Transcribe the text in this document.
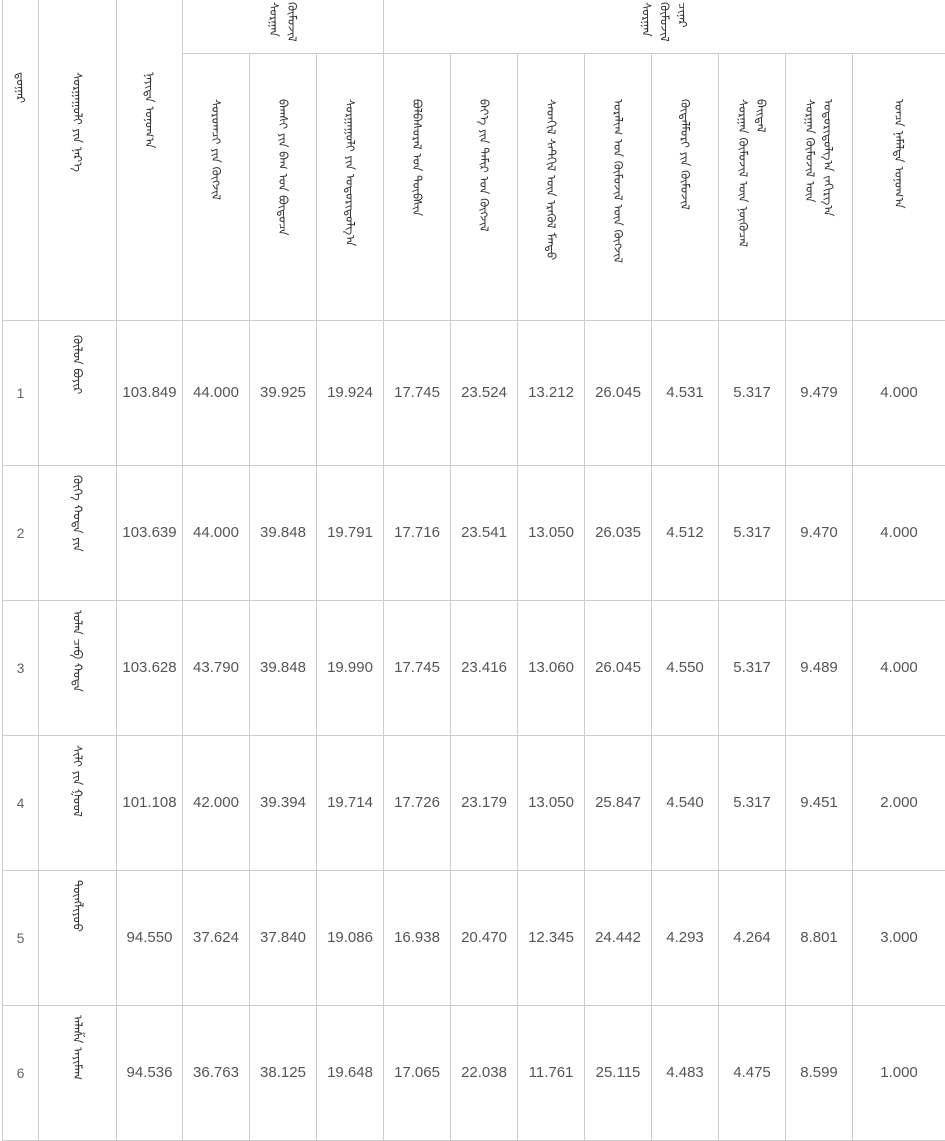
ᠳ᠋ᠤᠭᠠᠷ	ᠰᠤᠷᠭᠠᠭᠤᠯᠢ ᠶᠢᠨ ᠨᠡᠷ᠎ᠡ	ᠨᠡᠶᠢᠲᠡ ᠣᠨᠤᠭ᠎ᠠ	ᠰᠤᠷᠭᠠᠨ ᠬᠦᠮᠦᠵᠢᠯ			ᠰᠤᠷᠭᠠᠨ ᠬᠦᠮᠦᠵᠢᠯ ᠴᠢᠨᠠᠷ							
			ᠰᠤᠷᠤᠭᠴᠢ ᠶᠢᠨ ᠬᠥᠭᠵᠢᠯ	ᠪᠠᠭᠰᠢ ᠶᠢᠨ ᠪᠠᠭ ᠤᠨ ᠪᠦᠲᠦᠴᠡ	ᠰᠤᠷᠭᠠᠭᠤᠯᠢ ᠶᠢᠨ ᠤᠳᠤᠷᠢᠳᠤᠯᠭ᠎ᠠ	ᠪᠣᠯᠪᠠᠰᠤᠷᠠᠯ ᠤᠨ ᠲᠥᠪᠰᠢᠨ	ᠪᠡᠶ᠎ᠡ ᠶᠢᠨ ᠲᠠᠮᠢᠷ ᠤᠨ ᠬᠥᠭᠵᠢᠯ	ᠰᠡᠳᠬᠢᠯ ᠰᠡᠲᠬᠢᠯ ᠦᠨ ᠡᠷᠡᠭᠦᠯ ᠮᠡᠨᠳᠦ	ᠤᠷᠠᠯᠢᠭ ᠤᠨ ᠬᠦᠮᠦᠵᠢᠯ ᠦᠨ ᠬᠥᠭᠵᠢᠯ	ᠬᠥᠳᠡᠯᠮᠦᠷᠢ ᠶᠢᠨ ᠬᠦᠮᠦᠵᠢᠯ	ᠰᠤᠷᠭᠠᠨ ᠬᠦᠮᠦᠵᠢᠯ ᠦᠨ ᠨᠥᠬᠦᠴᠡᠯ ᠪᠠᠢᠳᠠᠯ	ᠰᠤᠷᠭᠠᠨ ᠬᠦᠮᠦᠵᠢᠯ ᠦᠨ ᠤᠳᠤᠷᠢᠳᠤᠯᠭ᠎ᠠ ᠵᠠᠬᠢᠷᠭ᠎ᠠ	ᠣᠨᠴᠠ ᠨᠡᠮᠡᠯᠲᠡ ᠣᠨᠤᠭ᠎ᠠ
1	ᠬᠥᠯᠦᠨ ᠪᠤᠶᠢᠷ	103.849	44.000	39.925	19.924	17.745	23.524	13.212	26.045	4.531	5.317	9.479	4.000
2	ᠬᠥᠬᠡ ᠬᠣᠲᠠ ᠶᠢᠨ	103.639	44.000	39.848	19.791	17.716	23.541	13.050	26.035	4.512	5.317	9.470	4.000
3	ᠣᠯᠠᠨ ᠴᠠᠪ ᠬᠣᠲᠠ	103.628	43.790	39.848	19.990	17.745	23.416	13.060	26.045	4.550	5.317	9.489	4.000
4	ᠰᠢᠯᠢ ᠶᠢᠨ ᠭᠣᠣᠯ	101.108	42.000	39.394	19.714	17.726	23.179	13.050	25.847	4.540	5.317	9.451	2.000
5	ᠲᠦᠩᠯᠢᠶᠣᠤ	94.550	37.624	37.840	19.086	16.938	20.470	12.345	24.442	4.293	4.264	8.801	3.000
6	ᠠᠯᠠᠱᠠ ᠠᠶᠢᠮᠠᠭ	94.536	36.763	38.125	19.648	17.065	22.038	11.761	25.115	4.483	4.475	8.599	1.000
